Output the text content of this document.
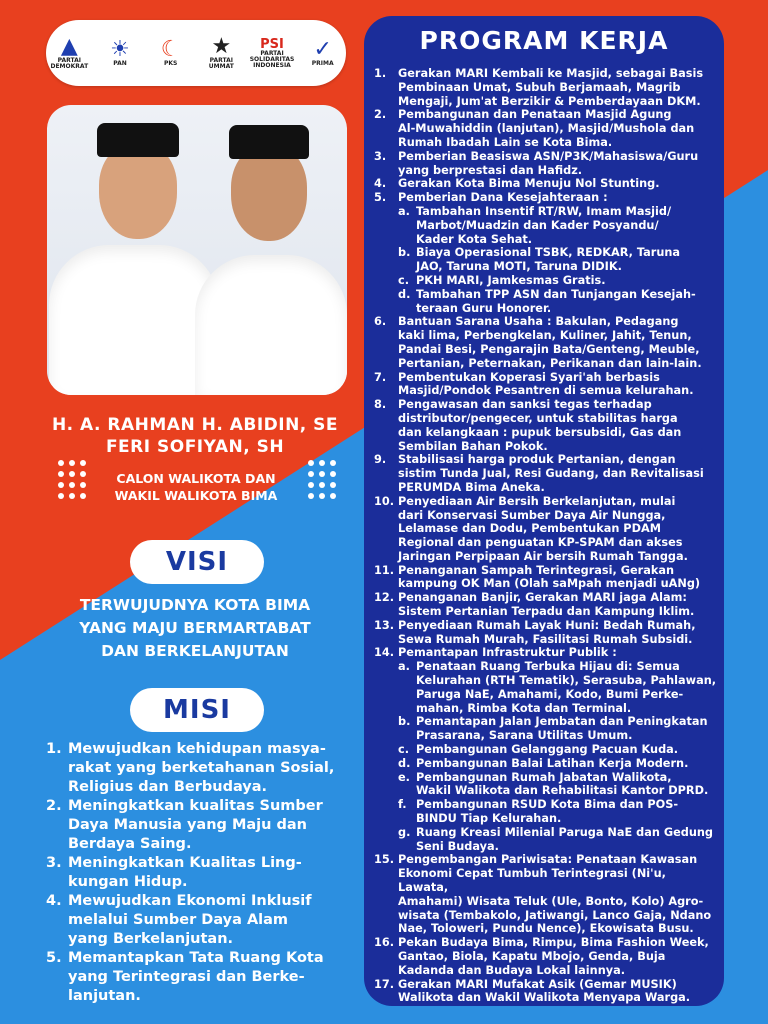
▲
PARTAI DEMOKRAT
☀
PAN
☾
PKS
★
PARTAI UMMAT
PSI
PARTAI SOLIDARITAS INDONESIA
✓
PRIMA
H. A. RAHMAN H. ABIDIN, SE
FERI SOFIYAN, SH
CALON WALIKOTA DAN
WAKIL WALIKOTA BIMA
VISI
TERWUJUDNYA KOTA BIMA
YANG MAJU BERMARTABAT
DAN BERKELANJUTAN
MISI
1. Mewujudkan kehidupan masya-
rakat yang berketahanan Sosial,
Religius dan Berbudaya.
2. Meningkatkan kualitas Sumber
Daya Manusia yang Maju dan
Berdaya Saing.
3. Meningkatkan Kualitas Ling-
kungan Hidup.
4. Mewujudkan Ekonomi Inklusif
melalui Sumber Daya Alam
yang Berkelanjutan.
5. Memantapkan Tata Ruang Kota
yang Terintegrasi dan Berke-
lanjutan.
PROGRAM KERJA
1.	Gerakan MARI Kembali ke Masjid, sebagai Basis
Pembinaan Umat, Subuh Berjamaah, Magrib
Mengaji, Jum'at Berzikir & Pemberdayaan DKM.
2.	Pembangunan dan Penataan Masjid Agung
Al-Muwahiddin (lanjutan), Masjid/Mushola dan
Rumah Ibadah Lain se Kota Bima.
3.	Pemberian Beasiswa ASN/P3K/Mahasiswa/Guru
yang berprestasi dan Hafidz.
4.	Gerakan Kota Bima Menuju Nol Stunting.
5.	Pemberian Dana Kesejahteraan :
a. Tambahan Insentif RT/RW, Imam Masjid/
Marbot/Muadzin dan Kader Posyandu/
Kader Kota Sehat.
b. Biaya Operasional TSBK, REDKAR, Taruna
JAO, Taruna MOTI, Taruna DIDIK.
c. PKH MARI, Jamkesmas Gratis.
d. Tambahan TPP ASN dan Tunjangan Kesejah-
teraan Guru Honorer.
6.	Bantuan Sarana Usaha : Bakulan, Pedagang
kaki lima, Perbengkelan, Kuliner, Jahit, Tenun,
Pandai Besi, Pengarajin Bata/Genteng, Meuble,
Pertanian, Peternakan, Perikanan dan lain-lain.
7.	Pembentukan Koperasi Syari'ah berbasis
Masjid/Pondok Pesantren di semua kelurahan.
8.	Pengawasan dan sanksi tegas terhadap
distributor/pengecer, untuk stabilitas harga
dan kelangkaan : pupuk bersubsidi, Gas dan
Sembilan Bahan Pokok.
9.	Stabilisasi harga produk Pertanian, dengan
sistim Tunda Jual, Resi Gudang, dan Revitalisasi
PERUMDA Bima Aneka.
10. Penyediaan Air Bersih Berkelanjutan, mulai
dari Konservasi Sumber Daya Air Nungga,
Lelamase dan Dodu, Pembentukan PDAM
Regional dan penguatan KP-SPAM dan akses
Jaringan Perpipaan Air bersih Rumah Tangga.
11. Penanganan Sampah Terintegrasi, Gerakan
kampung OK Man (Olah saMpah menjadi uANg)
12. Penanganan Banjir, Gerakan MARI jaga Alam:
Sistem Pertanian Terpadu dan Kampung Iklim.
13. Penyediaan Rumah Layak Huni: Bedah Rumah,
Sewa Rumah Murah, Fasilitasi Rumah Subsidi.
14. Pemantapan Infrastruktur Publik :
a. Penataan Ruang Terbuka Hijau di: Semua
Kelurahan (RTH Tematik), Serasuba, Pahlawan,
Paruga NaE, Amahami, Kodo, Bumi Perke-
mahan, Rimba Kota dan Terminal.
b. Pemantapan Jalan Jembatan dan Peningkatan
Prasarana, Sarana Utilitas Umum.
c. Pembangunan Gelanggang Pacuan Kuda.
d. Pembangunan Balai Latihan Kerja Modern.
e. Pembangunan Rumah Jabatan Walikota,
Wakil Walikota dan Rehabilitasi Kantor DPRD.
f. Pembangunan RSUD Kota Bima dan POS-
BINDU Tiap Kelurahan.
g. Ruang Kreasi Milenial Paruga NaE dan Gedung
Seni Budaya.
15. Pengembangan Pariwisata: Penataan Kawasan
Ekonomi Cepat Tumbuh Terintegrasi (Ni'u, Lawata,
Amahami) Wisata Teluk (Ule, Bonto, Kolo) Agro-
wisata (Tembakolo, Jatiwangi, Lanco Gaja, Ndano
Nae, Toloweri, Pundu Nence), Ekowisata Busu.
16. Pekan Budaya Bima, Rimpu, Bima Fashion Week,
Gantao, Biola, Kapatu Mbojo, Genda, Buja
Kadanda dan Budaya Lokal lainnya.
17. Gerakan MARI Mufakat Asik (Gemar MUSIK)
Walikota dan Wakil Walikota Menyapa Warga.
